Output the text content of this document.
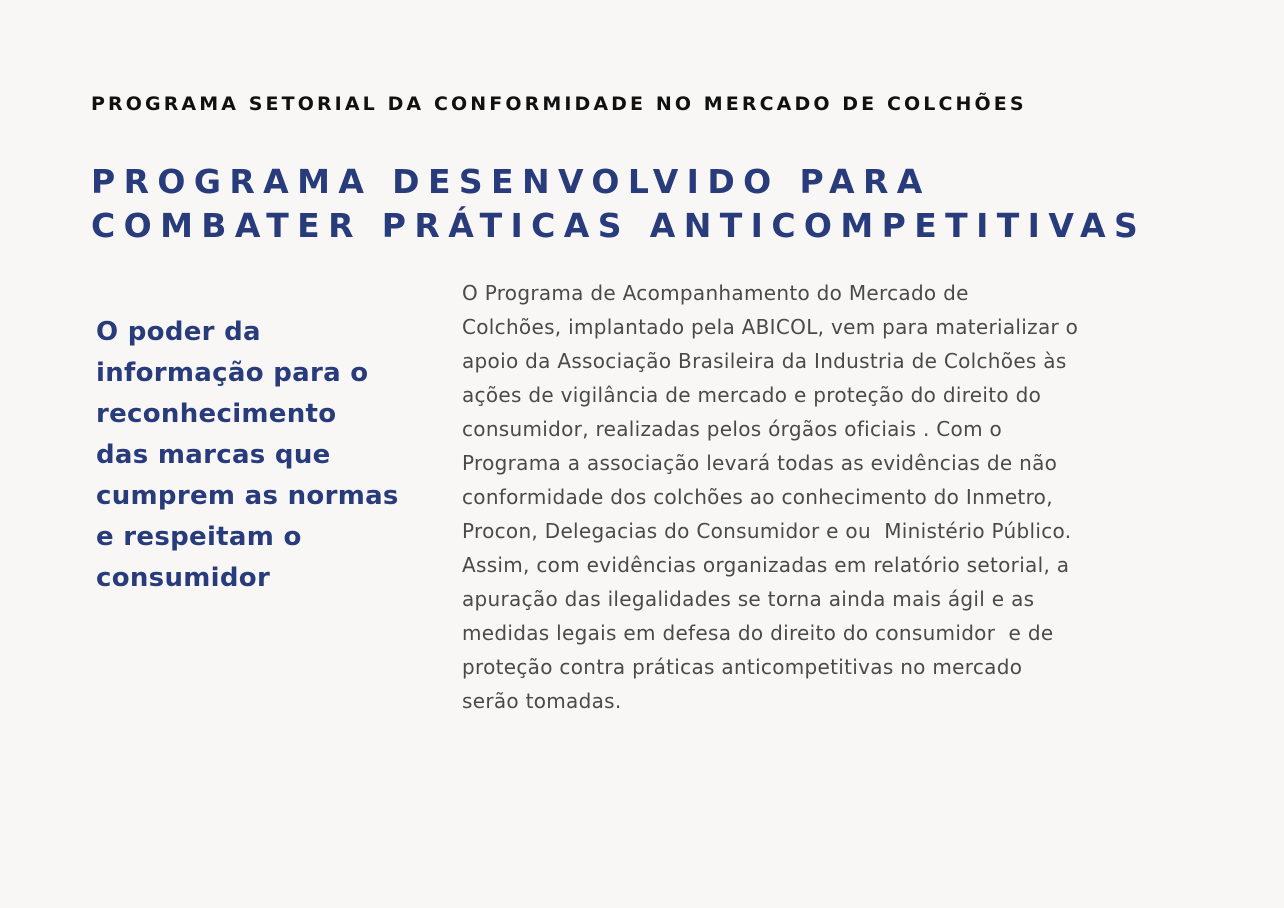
PROGRAMA SETORIAL DA CONFORMIDADE NO MERCADO DE COLCHÕES
PROGRAMA DESENVOLVIDO PARA
COMBATER PRÁTICAS ANTICOMPETITIVAS

O poder da
informação para o
reconhecimento
das marcas que
cumprem as normas
e respeitam o
consumidor

O Programa de Acompanhamento do Mercado de
Colchões, implantado pela ABICOL, vem para materializar o
apoio da Associação Brasileira da Industria de Colchões às
ações de vigilância de mercado e proteção do direito do
consumidor, realizadas pelos órgãos oficiais . Com o
Programa a associação levará todas as evidências de não
conformidade dos colchões ao conhecimento do Inmetro,
Procon, Delegacias do Consumidor e ou  Ministério Público.
Assim, com evidências organizadas em relatório setorial, a
apuração das ilegalidades se torna ainda mais ágil e as
medidas legais em defesa do direito do consumidor  e de
proteção contra práticas anticompetitivas no mercado
serão tomadas.
